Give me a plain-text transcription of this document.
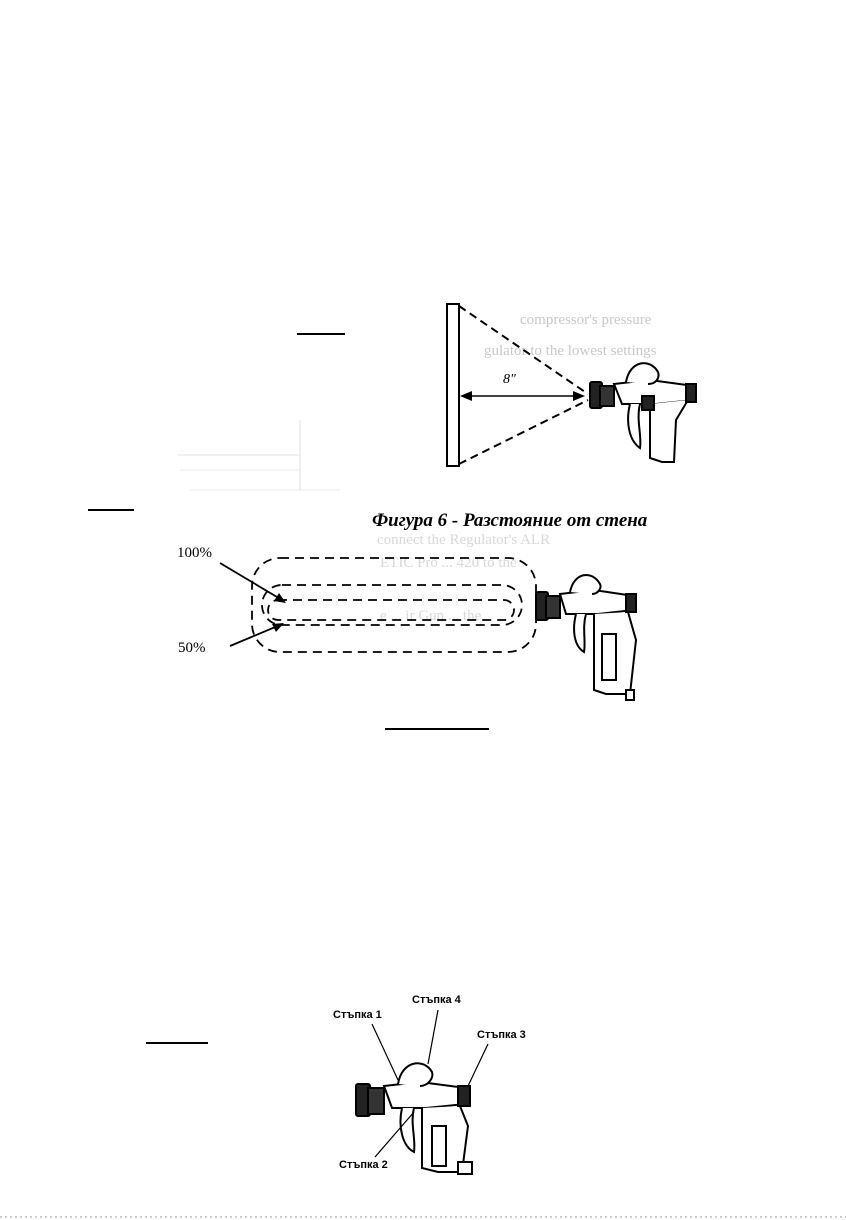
compressor's pressure
gulator to the lowest settings
connect the Regulator's ALR
ETIC Pro ... 420 to the
e ... ir Gun ... the
8"
Фигура 6 - Разстояние от стена
100%
50%
Стъпка 1
Стъпка 4
Стъпка 3
Стъпка 2
